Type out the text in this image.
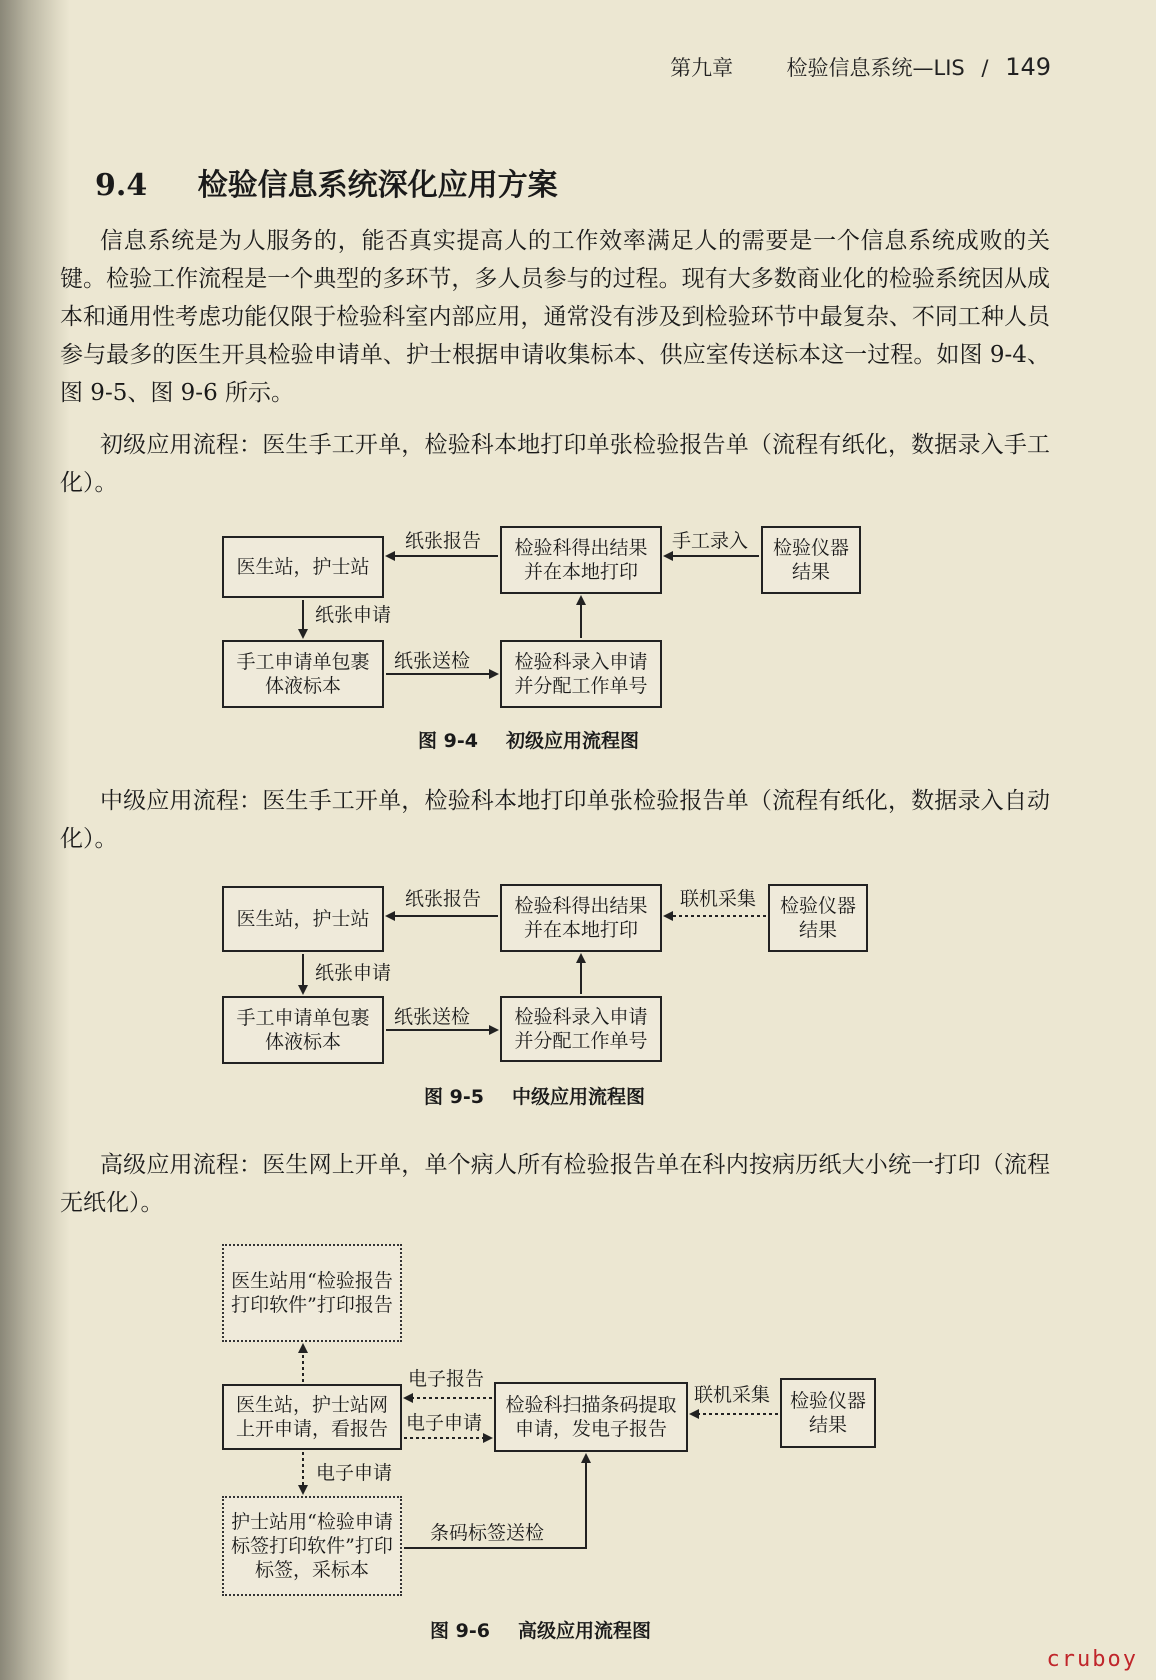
第九章	检验信息系统—LIS / 149
9.4 检验信息系统深化应用方案
信息系统是为人服务的，能否真实提高人的工作效率满足人的需要是一个信息系统成败的关键。检验工作流程是一个典型的多环节，多人员参与的过程。现有大多数商业化的检验系统因从成本和通用性考虑功能仅限于检验科室内部应用，通常没有涉及到检验环节中最复杂、不同工种人员参与最多的医生开具检验申请单、护士根据申请收集标本、供应室传送标本这一过程。如图 9-4、图 9-5、图 9-6 所示。
初级应用流程：医生手工开单，检验科本地打印单张检验报告单（流程有纸化，数据录入手工化）。
医生站，护士站
检验科得出结果并在本地打印
检验仪器结果
手工申请单包裹体液标本
检验科录入申请并分配工作单号
纸张报告	手工录入
纸张申请
纸张送检
图 9-4 初级应用流程图
中级应用流程：医生手工开单，检验科本地打印单张检验报告单（流程有纸化，数据录入自动化）。
医生站，护士站
检验科得出结果并在本地打印
检验仪器结果
手工申请单包裹体液标本
检验科录入申请并分配工作单号
纸张报告	联机采集
纸张申请
纸张送检
图 9-5 中级应用流程图
高级应用流程：医生网上开单，单个病人所有检验报告单在科内按病历纸大小统一打印（流程无纸化）。
医生站用“检验报告打印软件”打印报告
医生站，护士站网上开申请，看报告
检验科扫描条码提取申请，发电子报告
检验仪器结果
护士站用“检验申请标签打印软件”打印标签，采标本
电子报告
电子申请
联机采集
电子申请
条码标签送检
图 9-6 高级应用流程图
cruboy
